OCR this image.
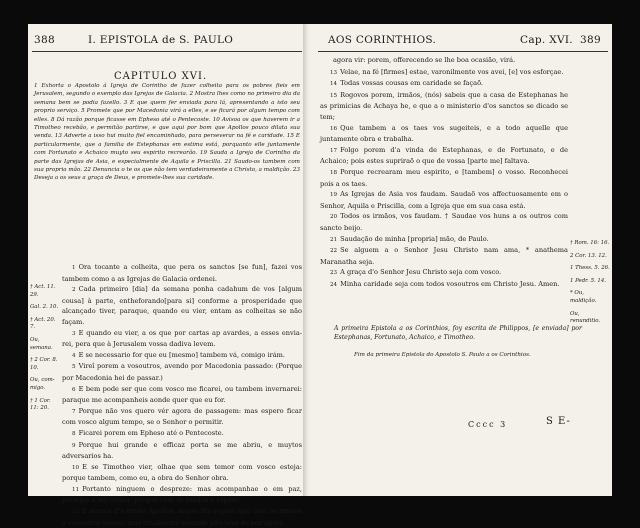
388	I. EPISTOLA de S. PAULO
CAPITULO XVI.

1 Exhorta o Apostolo á Igreja de Corintho de fazer colheita para os pobres fieis em Jerusalem, segundo o exemplo das Igrejas de Galacia. 2 Mostra lhes como no primeiro dia da semana bem se podia fazello. 3 E que quem fer enviada para lá, apresentando a isto seu proprio serviço. 5 Promete que por Macedonia virá a elles, e se ficará por algum tempo com elles. 8 Dá razão porque ficasse em Epheso até o Pentecoste. 10 Avisoa os que haverem ir a Timotheo recebão, e permitão partirse, e que aqui por bom que Apollos pouco dilata sua venda. 13 Adverte a isso hui muito fiel encaminhado, para perseverar na fé e caridade. 15 E particularmente, que a familia de Estephanas em estima está, porquanto elle juntamente com Fortunato e Achaico muyto seu espirito recrearão. 19 Sauda a Igreja de Corintho da parte das Igrejas de Asia, e especialmente de Aquila e Priscilla. 21 Saudo-os tambem com sua propria mão. 22 Denuncia o te os que não tem verdadeiramente a Christo, a maldição. 23 Deseja a os seus a graça de Deus, e promete-lhes sua caridade.

† Act. 11. 29.
Gal. 2. 10.
† Act. 20. 7.
Ou, semana.
† 2 Cor. 8. 10.
Ou, com-migo.
† 1 Cor. 11: 20.

1 Ora tocante a colheita, que pera os sanctos [se fun], fazei vos tambem como a as Igrejas de Galacia ordenei.

2 Cada primeiro [dia] da semana ponha cadahum de vos [algum cousa] à parte, entheforando[para si] conforme a prosperidade que alcançado tiver, paraque, quando eu vier, entam as colheitas se não façam.

3 E quando eu vier, a os que por cartas ap avardes, a esses envia-rei, pera que à Jerusalem vossa dadiva levem.

4 E se necessario for que eu [mesmo] tambem vá, comigo irám.

5 Vireî porem a vosoutros, avendo por Macedonia passado: (Porque por Macedonia hei de passar.)

6 E bem pode ser que com vosco me ficarei, ou tambem invernarei: paraque me acompanheis aonde quer que eu for.

7 Porque não vos quero vér agora de passagem: mas espero ficar com vosco algum tempo, se o Senhor o permitir.

8 Ficarei porem em Epheso até o Pentecoste.

9 Porque hui grande e efficaz porta se me abriu, e muytos adversarios ha.

10 E se Timotheo vier, olhae que sem temor com vosco esteja: porque tambem, como eu, a obra do Senhor obra.

11 Portanto ninguem o despreze: mas acompanhae o em paz, peraque a my venha: porque com os irmãos o espero.

12 E acerca d'o irmão Apollos, muyto lhe roguei que com os irmãos a vosoutros viesse: mas totalmente vontade não teve de por agora

AOS CORINTHIOS.	Cap. XVI. 389

agora vir: porem, offerecendo se lhe boa ocasião, virá.

13 Velae, na fé [firmes] estae, varonilmente vos avei, [e] vos esforçae.

14 Todas vossas cousas em caridade se façaõ.

15 Rogovos porem, irmãos, (nós) sabeis que a casa de Estephanas he as primicias de Achaya he, e que a o ministerio d'os sanctos se dicado se tem;

16 Que tambem a os taes vos sugeiteis, e a todo aquelle que juntamente obra e trabalha.

17 Folgo porem d'a vinda de Estephanas, e de Fortunato, e de Achaico; pois estes supriraõ o que de vossa [parte me] faltava.

18 Porque recrearam meu espirito, e [tambem] o vosso. Reconhecei pois a os taes.

19 As Igrejas de Asia vos faudam. Saudaõ vos affectuosamente em o Senhor, Aquila e Priscilla, com a Igreja que em sua casa está.

20 Todos os irmãos, vos faudam. † Saudae vos huns a os outros com sancto beijo.

21 Saudação de minha [propria] mão, de Paulo.

22 Se alguem a o Senhor Jesu Christo nam ama, * anathema Maranatha seja.

23 A graça d'o Senhor Jesu Christo seja com vosco.

24 Minha caridade seja com todos vosoutros em Christo Jesu. Amen.

† Rom. 16: 16.
2 Cor. 13. 12.
1 Thess. 5. 26.
1 Pedr. 5. 14.
* Ou, maldição.
Ou, renunditio.
A primeira Epistola a os Corinthios, foy escrita de Philippos, [e enviada] por Estephanas, Fortunato, Achaico, e Timotheo.
Fim da primeira Epistola do Apostolo S. Paulo a os Corinthios.
Cccc 3	S E-
